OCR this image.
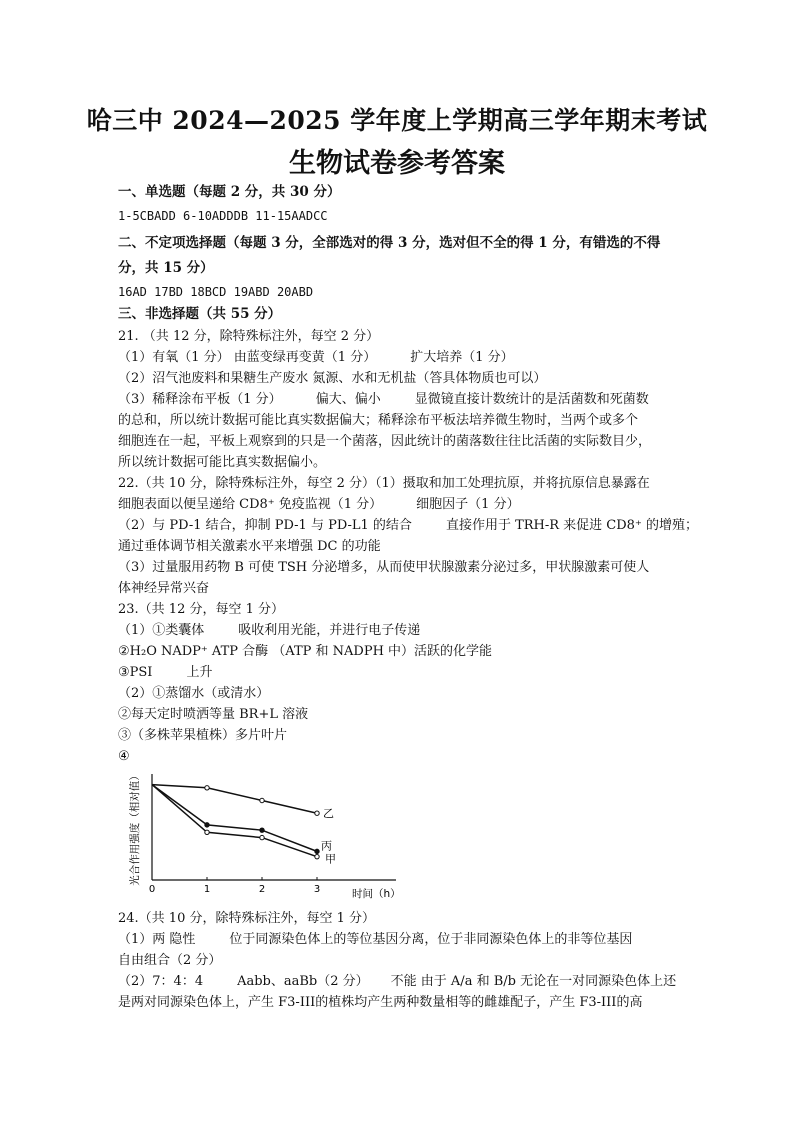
哈三中 2024—2025 学年度上学期高三学年期末考试
生物试卷参考答案
一、单选题（每题 2 分，共 30 分）
1-5CBADD 6-10ADDDB 11-15AADCC
二、不定项选择题（每题 3 分，全部选对的得 3 分，选对但不全的得 1 分，有错选的不得
分，共 15 分）
16AD 17BD 18BCD 19ABD 20ABD
三、非选择题（共 55 分）
21. （共 12 分，除特殊标注外，每空 2 分）
（1）有氧（1 分） 由蓝变绿再变黄（1 分）	扩大培养（1 分）
（2）沼气池废料和果糖生产废水 氮源、水和无机盐（答具体物质也可以）
（3）稀释涂布平板（1 分）	偏大、偏小	显微镜直接计数统计的是活菌数和死菌数
的总和，所以统计数据可能比真实数据偏大；稀释涂布平板法培养微生物时，当两个或多个
细胞连在一起，平板上观察到的只是一个菌落，因此统计的菌落数往往比活菌的实际数目少，
所以统计数据可能比真实数据偏小。
22.（共 10 分，除特殊标注外，每空 2 分）（1）摄取和加工处理抗原，并将抗原信息暴露在
细胞表面以便呈递给 CD8⁺ 免疫监视（1 分）	细胞因子（1 分）
（2）与 PD-1 结合，抑制 PD-1 与 PD-L1 的结合	直接作用于 TRH-R 来促进 CD8⁺ 的增殖；
通过垂体调节相关激素水平来增强 DC 的功能
（3）过量服用药物 B 可使 TSH 分泌增多，从而使甲状腺激素分泌过多，甲状腺激素可使人
体神经异常兴奋
23.（共 12 分，每空 1 分）
（1）①类囊体	吸收利用光能，并进行电子传递
②H₂O NADP⁺ ATP 合酶 （ATP 和 NADPH 中）活跃的化学能
③PSI	上升
（2）①蒸馏水（或清水）
②每天定时喷洒等量 BR+L 溶液
③（多株苹果植株）多片叶片
④
光合作用强度（相对值）
时间（h）
0	1	2	3
乙
丙
甲
24.（共 10 分，除特殊标注外，每空 1 分）
（1）两 隐性	位于同源染色体上的等位基因分离，位于非同源染色体上的非等位基因
自由组合（2 分）
（2）7：4：4	Aabb、aaBb（2 分） 不能 由于 A/a 和 B/b 无论在一对同源染色体上还
是两对同源染色体上，产生 F3-III的植株均产生两种数量相等的雌雄配子，产生 F3-III的高
